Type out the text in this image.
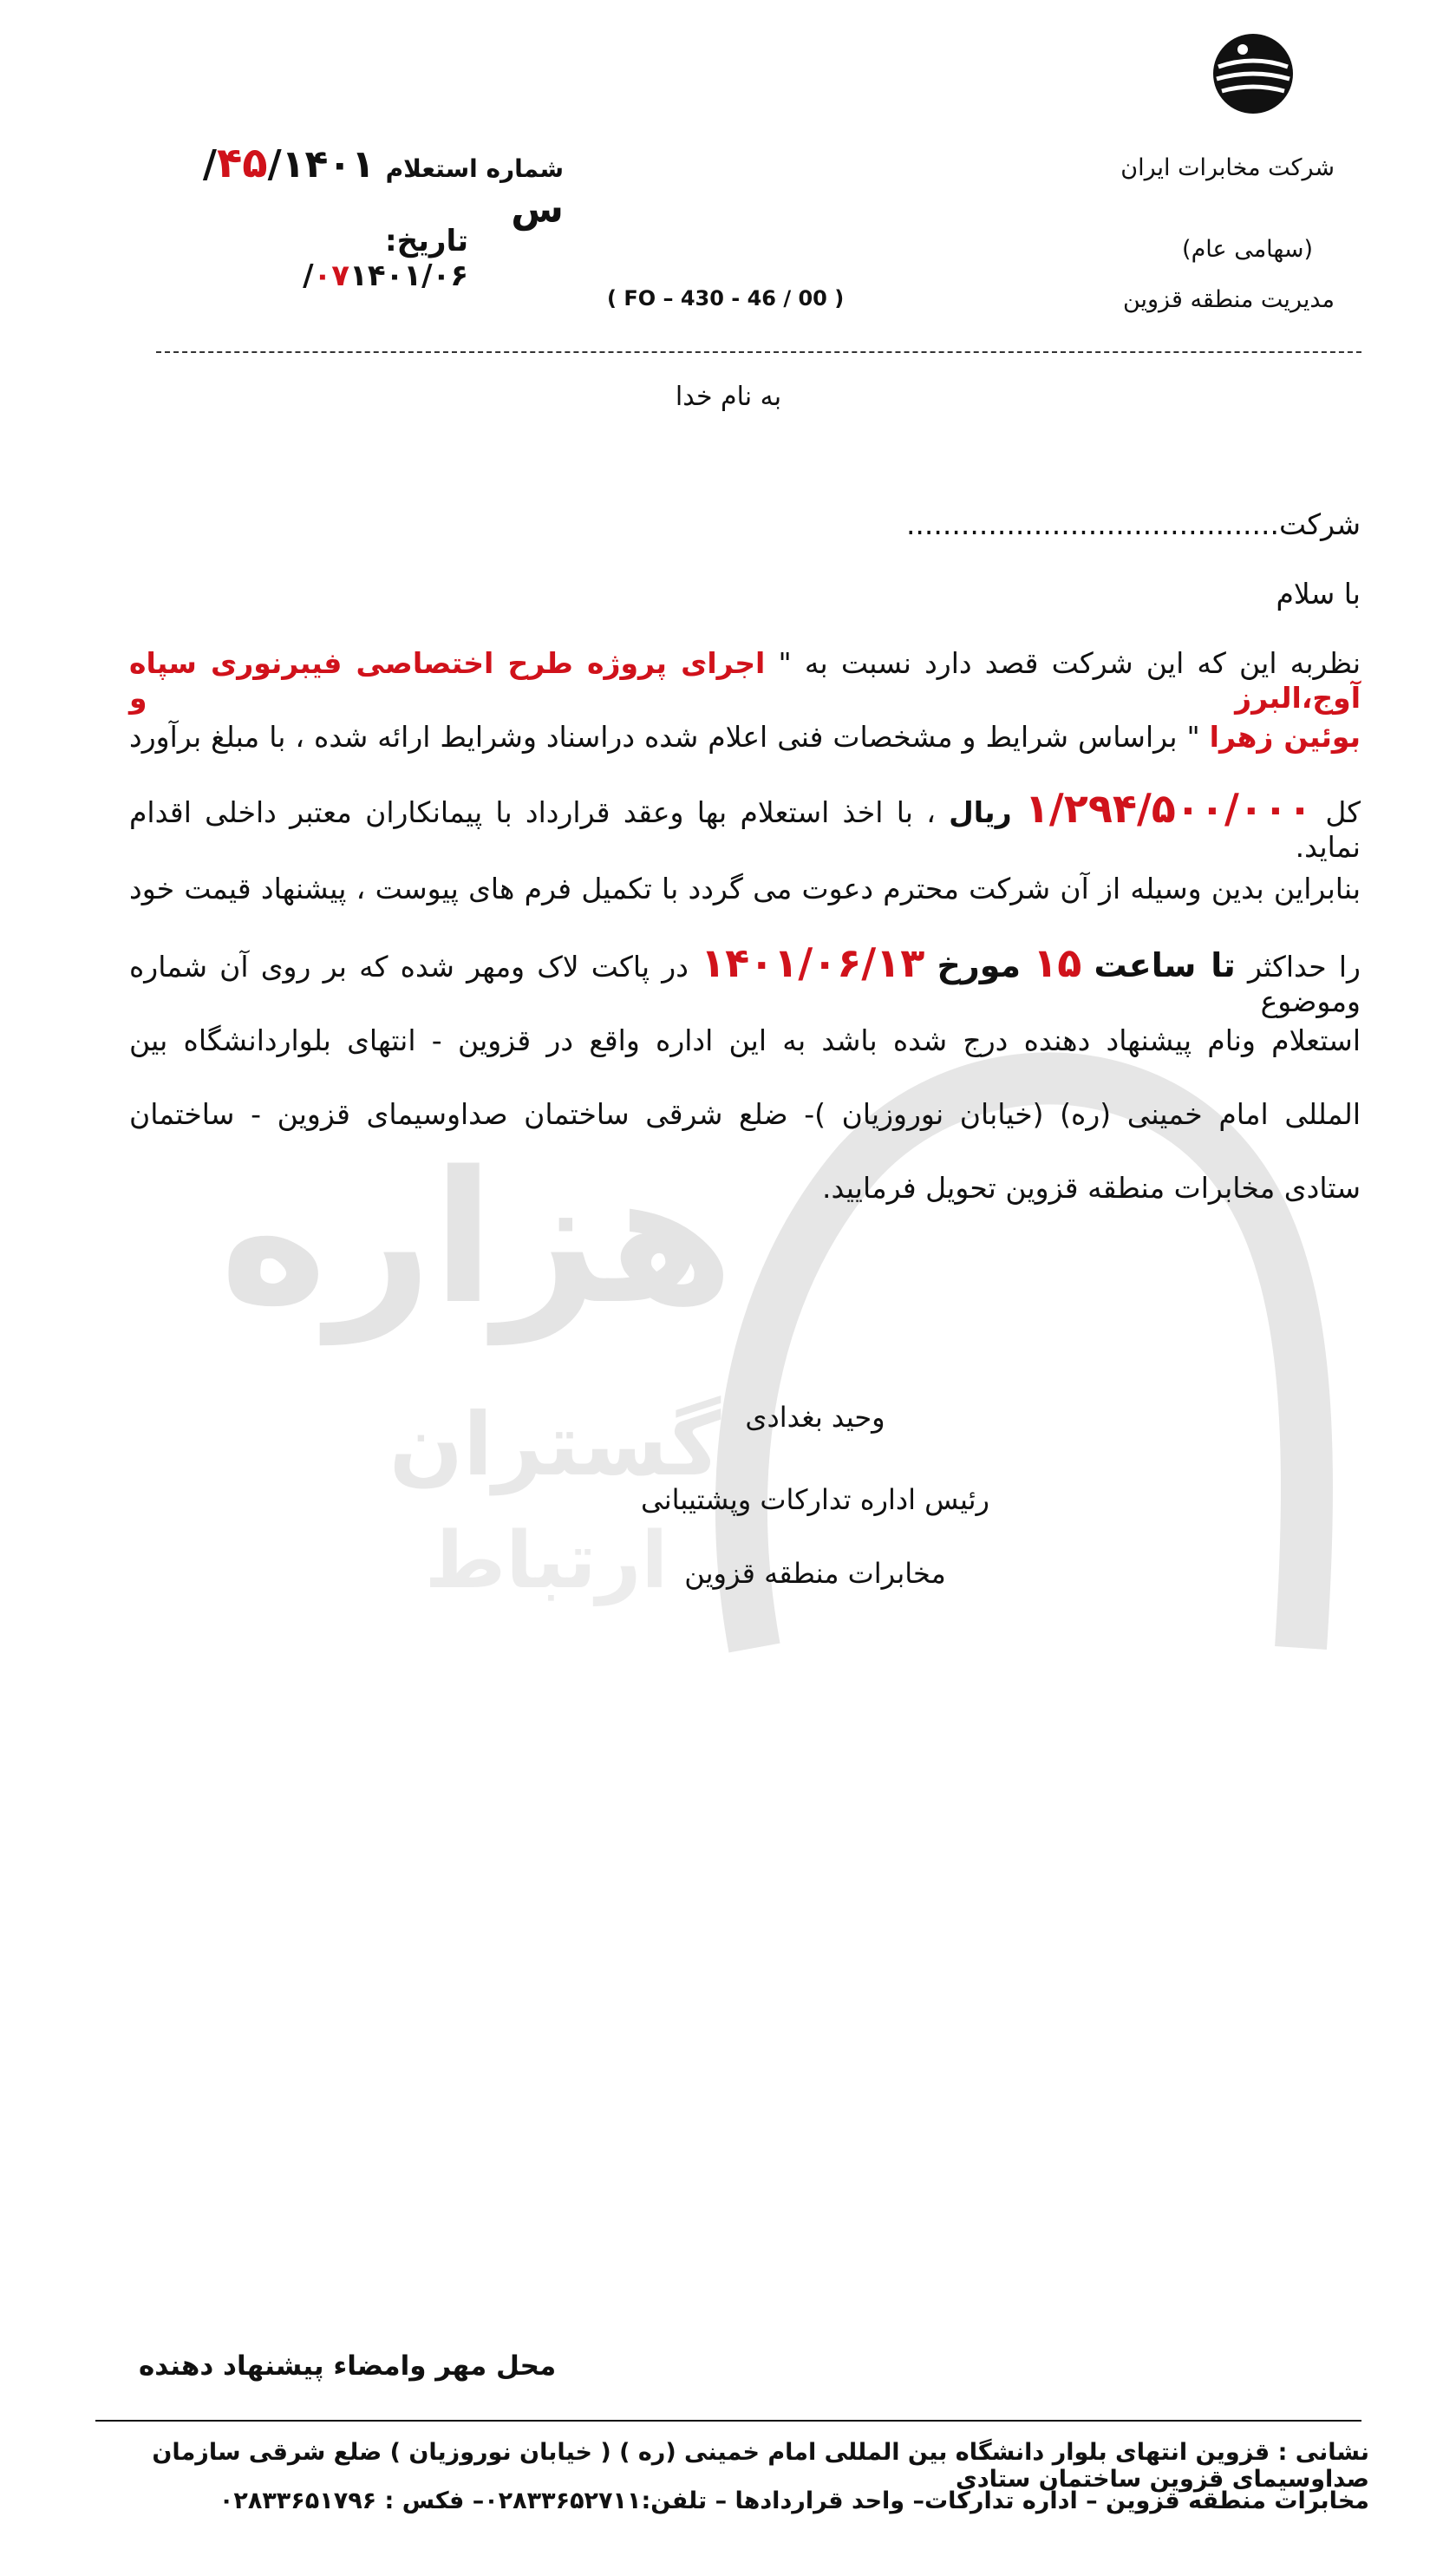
هزاره
گستران
ارتباط
شرکت مخابرات ایران
(سهامی عام)
مدیریت منطقه قزوین
شماره استعلام ۴۵/۱۴۰۱/س
تاریخ: ۰۷۱۴۰۱/۰۶/
( FO – 430 - 46 / 00 )
به نام خدا
شرکت.........................................
با سلام
نظربه این که این شرکت قصد دارد نسبت به " اجرای پروژه طرح اختصاصی فیبرنوری سپاه آوج،البرز و
بوئین زهرا " براساس شرایط و مشخصات فنی اعلام شده دراسناد وشرایط ارائه شده ، با مبلغ برآورد
کل ۱/۲۹۴/۵۰۰/۰۰۰ ریال ، با اخذ استعلام بها وعقد قرارداد با پیمانکاران معتبر داخلی اقدام نماید.
بنابراین بدین وسیله از آن شرکت محترم دعوت می گردد با تکمیل فرم های پیوست ، پیشنهاد قیمت خود
را حداکثر تا ساعت ۱۵ مورخ ۱۴۰۱/۰۶/۱۳ در پاکت لاک ومهر شده که بر روی آن شماره وموضوع
استعلام ونام پیشنهاد دهنده درج شده باشد به این اداره واقع در قزوین - انتهای بلواردانشگاه بین
المللی امام خمینی (ره) (خیابان نوروزیان )- ضلع شرقی ساختمان صداوسیمای قزوین - ساختمان
ستادی مخابرات منطقه قزوین تحویل فرمایید.
وحید بغدادی
رئیس اداره تدارکات وپشتیبانی
مخابرات منطقه قزوین
محل مهر وامضاء پیشنهاد دهنده
نشانی : قزوین انتهای بلوار دانشگاه بین المللی امام خمینی (ره ) ( خیابان نوروزیان ) ضلع شرقی سازمان صداوسیمای قزوین ساختمان ستادی
مخابرات منطقه قزوین – اداره تدارکات– واحد قراردادها – تلفن:۰۲۸۳۳۶۵۲۷۱۱– فکس : ۰۲۸۳۳۶۵۱۷۹۶
